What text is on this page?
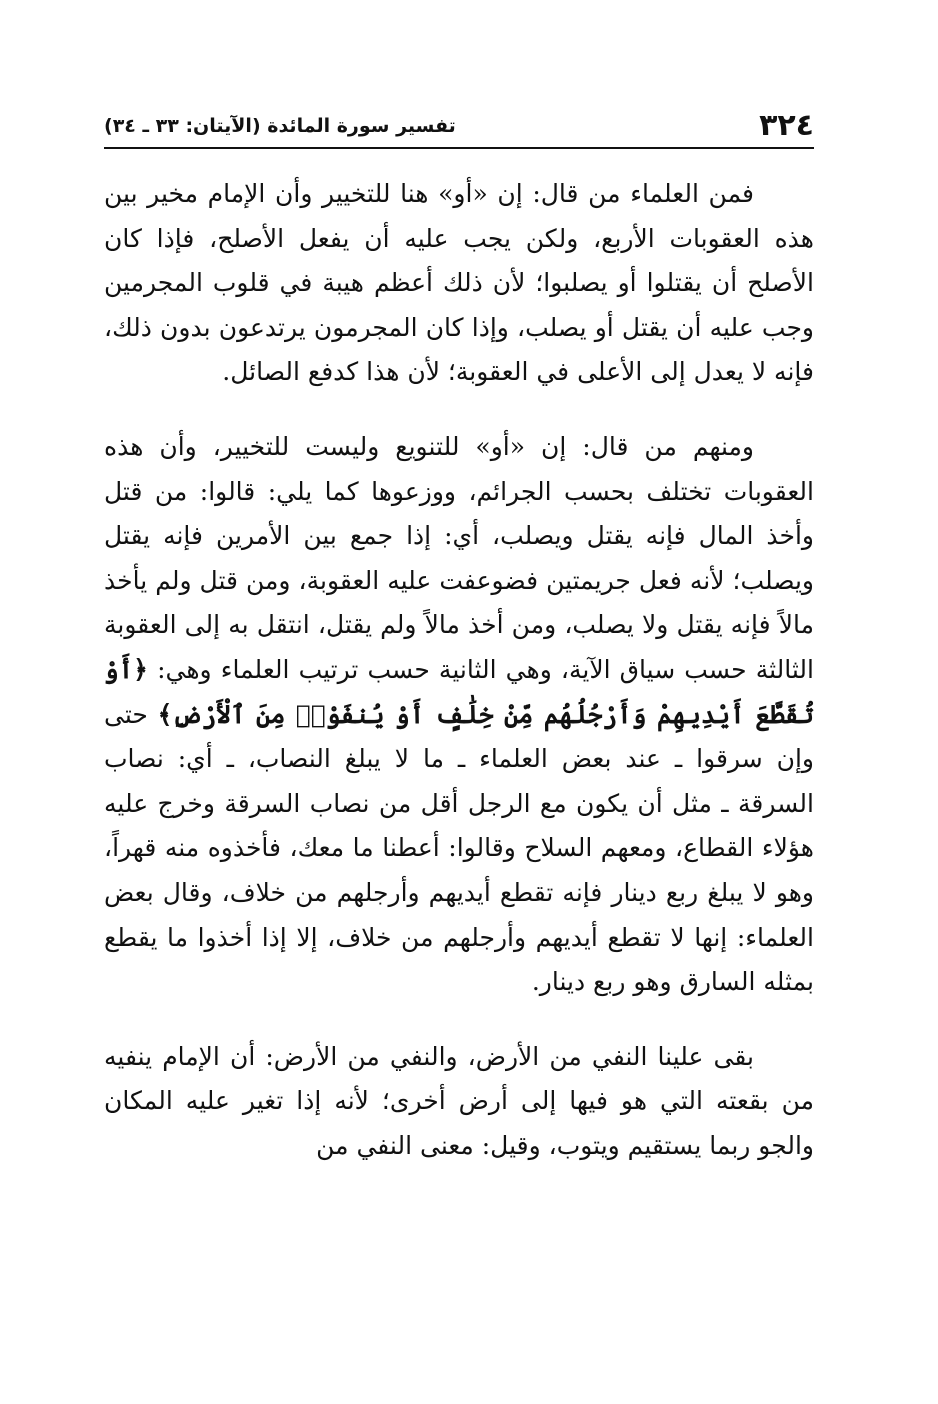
٣٢٤
تفسير سورة المائدة (الآيتان: ٣٣ ـ ٣٤)

فمن العلماء من قال: إن «أو» هنا للتخيير وأن الإمام مخير بين هذه العقوبات الأربع، ولكن يجب عليه أن يفعل الأصلح، فإذا كان الأصلح أن يقتلوا أو يصلبوا؛ لأن ذلك أعظم هيبة في قلوب المجرمين وجب عليه أن يقتل أو يصلب، وإذا كان المجرمون يرتدعون بدون ذلك، فإنه لا يعدل إلى الأعلى في العقوبة؛ لأن هذا كدفع الصائل.

ومنهم من قال: إن «أو» للتنويع وليست للتخيير، وأن هذه العقوبات تختلف بحسب الجرائم، ووزعوها كما يلي: قالوا: من قتل وأخذ المال فإنه يقتل ويصلب، أي: إذا جمع بين الأمرين فإنه يقتل ويصلب؛ لأنه فعل جريمتين فضوعفت عليه العقوبة، ومن قتل ولم يأخذ مالاً فإنه يقتل ولا يصلب، ومن أخذ مالاً ولم يقتل، انتقل به إلى العقوبة الثالثة حسب سياق الآية، وهي الثانية حسب ترتيب العلماء وهي: ﴿أَوْ تُقَطَّعَ أَيْدِيهِمْ وَأَرْجُلُهُم مِّنْ خِلَٰفٍ أَوْ يُنفَوْا۟ مِنَ ٱلْأَرْضِ﴾ حتى وإن سرقوا ـ عند بعض العلماء ـ ما لا يبلغ النصاب، ـ أي: نصاب السرقة ـ مثل أن يكون مع الرجل أقل من نصاب السرقة وخرج عليه هؤلاء القطاع، ومعهم السلاح وقالوا: أعطنا ما معك، فأخذوه منه قهراً، وهو لا يبلغ ربع دينار فإنه تقطع أيديهم وأرجلهم من خلاف، وقال بعض العلماء: إنها لا تقطع أيديهم وأرجلهم من خلاف، إلا إذا أخذوا ما يقطع بمثله السارق وهو ربع دينار.

بقى علينا النفي من الأرض، والنفي من الأرض: أن الإمام ينفيه من بقعته التي هو فيها إلى أرض أخرى؛ لأنه إذا تغير عليه المكان والجو ربما يستقيم ويتوب، وقيل: معنى النفي من
